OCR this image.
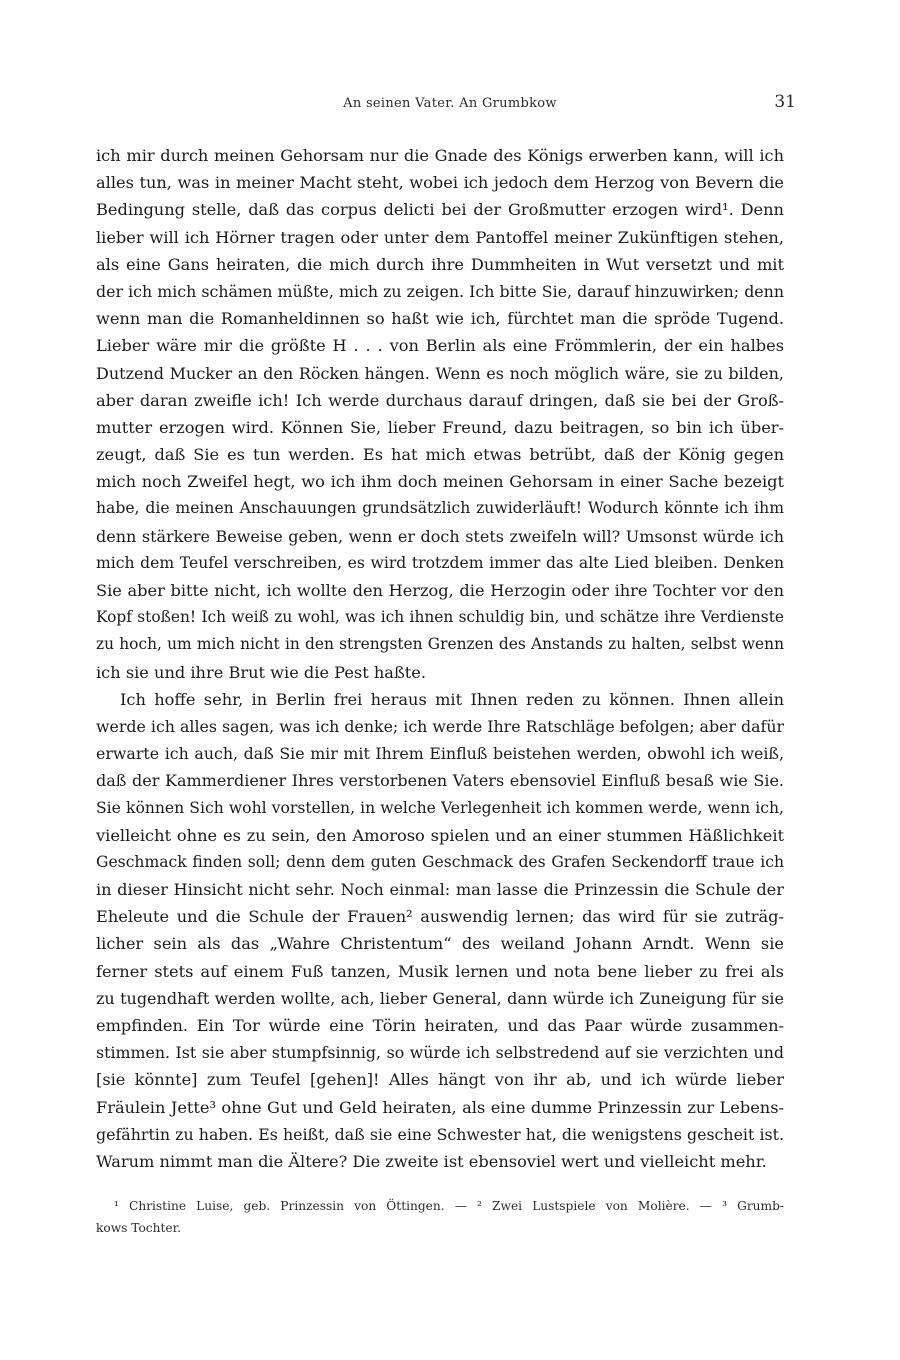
An seinen Vater. An Grumbkow	31
ich mir durch meinen Gehorsam nur die Gnade des Königs erwerben kann, will ich
alles tun, was in meiner Macht steht, wobei ich jedoch dem Herzog von Bevern die
Bedingung stelle, daß das corpus delicti bei der Großmutter erzogen wird¹. Denn
lieber will ich Hörner tragen oder unter dem Pantoffel meiner Zukünftigen stehen,
als eine Gans heiraten, die mich durch ihre Dummheiten in Wut versetzt und mit
der ich mich schämen müßte, mich zu zeigen. Ich bitte Sie, darauf hinzuwirken; denn
wenn man die Romanheldinnen so haßt wie ich, fürchtet man die spröde Tugend.
Lieber wäre mir die größte H . . . von Berlin als eine Frömmlerin, der ein halbes
Dutzend Mucker an den Röcken hängen. Wenn es noch möglich wäre, sie zu bilden,
aber daran zweifle ich! Ich werde durchaus darauf dringen, daß sie bei der Groß-
mutter erzogen wird. Können Sie, lieber Freund, dazu beitragen, so bin ich über-
zeugt, daß Sie es tun werden. Es hat mich etwas betrübt, daß der König gegen
mich noch Zweifel hegt, wo ich ihm doch meinen Gehorsam in einer Sache bezeigt
habe, die meinen Anschauungen grundsätzlich zuwiderläuft! Wodurch könnte ich ihm
denn stärkere Beweise geben, wenn er doch stets zweifeln will? Umsonst würde ich
mich dem Teufel verschreiben, es wird trotzdem immer das alte Lied bleiben. Denken
Sie aber bitte nicht, ich wollte den Herzog, die Herzogin oder ihre Tochter vor den
Kopf stoßen! Ich weiß zu wohl, was ich ihnen schuldig bin, und schätze ihre Verdienste
zu hoch, um mich nicht in den strengsten Grenzen des Anstands zu halten, selbst wenn
ich sie und ihre Brut wie die Pest haßte.
Ich hoffe sehr, in Berlin frei heraus mit Ihnen reden zu können. Ihnen allein
werde ich alles sagen, was ich denke; ich werde Ihre Ratschläge befolgen; aber dafür
erwarte ich auch, daß Sie mir mit Ihrem Einfluß beistehen werden, obwohl ich weiß,
daß der Kammerdiener Ihres verstorbenen Vaters ebensoviel Einfluß besaß wie Sie.
Sie können Sich wohl vorstellen, in welche Verlegenheit ich kommen werde, wenn ich,
vielleicht ohne es zu sein, den Amoroso spielen und an einer stummen Häßlichkeit
Geschmack finden soll; denn dem guten Geschmack des Grafen Seckendorff traue ich
in dieser Hinsicht nicht sehr. Noch einmal: man lasse die Prinzessin die Schule der
Eheleute und die Schule der Frauen² auswendig lernen; das wird für sie zuträg-
licher sein als das „Wahre Christentum“ des weiland Johann Arndt. Wenn sie
ferner stets auf einem Fuß tanzen, Musik lernen und nota bene lieber zu frei als
zu tugendhaft werden wollte, ach, lieber General, dann würde ich Zuneigung für sie
empfinden. Ein Tor würde eine Törin heiraten, und das Paar würde zusammen-
stimmen. Ist sie aber stumpfsinnig, so würde ich selbstredend auf sie verzichten und
[sie könnte] zum Teufel [gehen]! Alles hängt von ihr ab, und ich würde lieber
Fräulein Jette³ ohne Gut und Geld heiraten, als eine dumme Prinzessin zur Lebens-
gefährtin zu haben. Es heißt, daß sie eine Schwester hat, die wenigstens gescheit ist.
Warum nimmt man die Ältere? Die zweite ist ebensoviel wert und vielleicht mehr.
¹ Christine Luise, geb. Prinzessin von Öttingen. — ² Zwei Lustspiele von Molière. — ³ Grumb-
kows Tochter.
